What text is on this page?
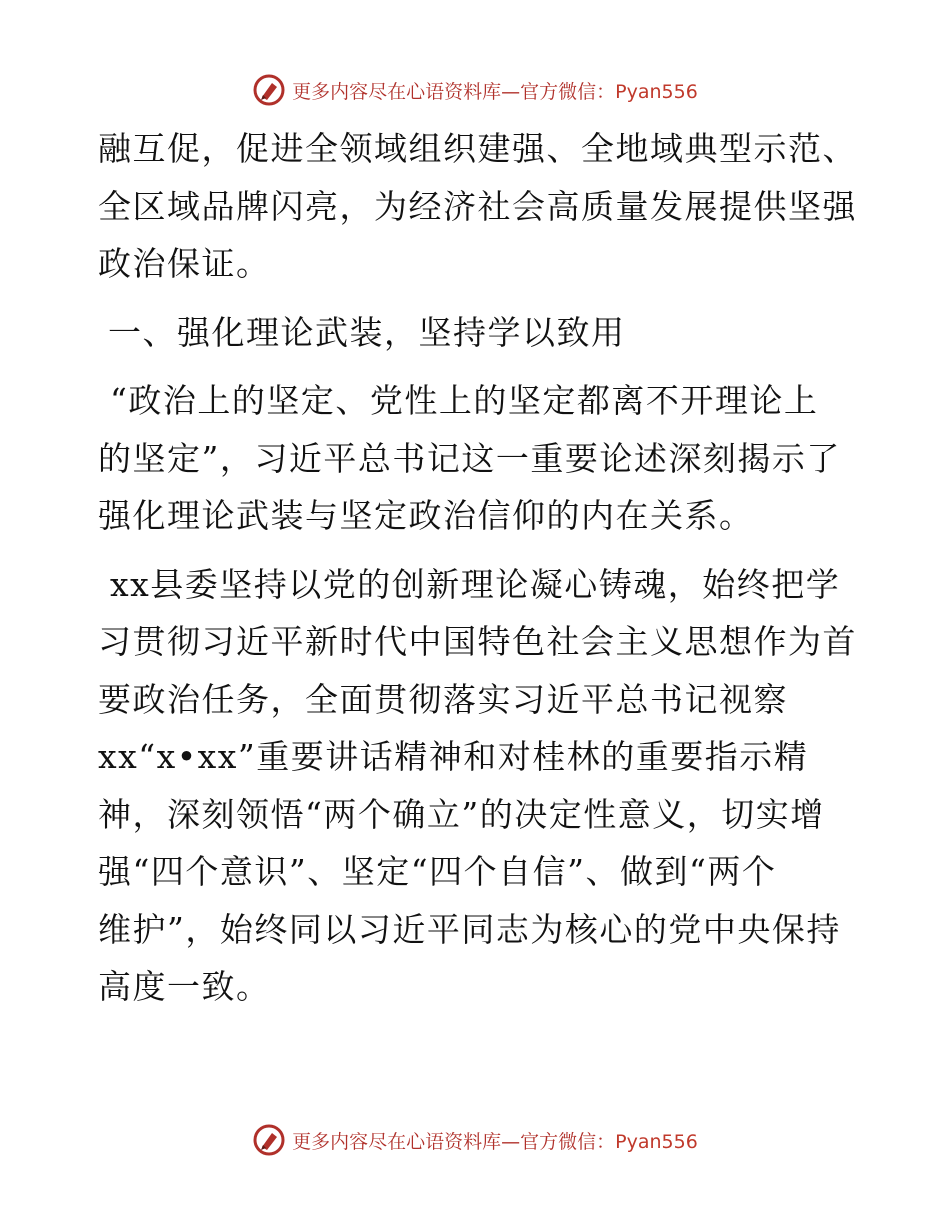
更多内容尽在心语资料库—官方微信：Pyan556

融互促，促进全领域组织建强、全地域典型示范、
全区域品牌闪亮，为经济社会高质量发展提供坚强
政治保证。

一、强化理论武装，坚持学以致用

“政治上的坚定、党性上的坚定都离不开理论上
的坚定”，习近平总书记这一重要论述深刻揭示了
强化理论武装与坚定政治信仰的内在关系。

xx县委坚持以党的创新理论凝心铸魂，始终把学
习贯彻习近平新时代中国特色社会主义思想作为首
要政治任务，全面贯彻落实习近平总书记视察
xx“x•xx”重要讲话精神和对桂林的重要指示精
神，深刻领悟“两个确立”的决定性意义，切实增
强“四个意识”、坚定“四个自信”、做到“两个
维护”，始终同以习近平同志为核心的党中央保持
高度一致。

更多内容尽在心语资料库—官方微信：Pyan556
